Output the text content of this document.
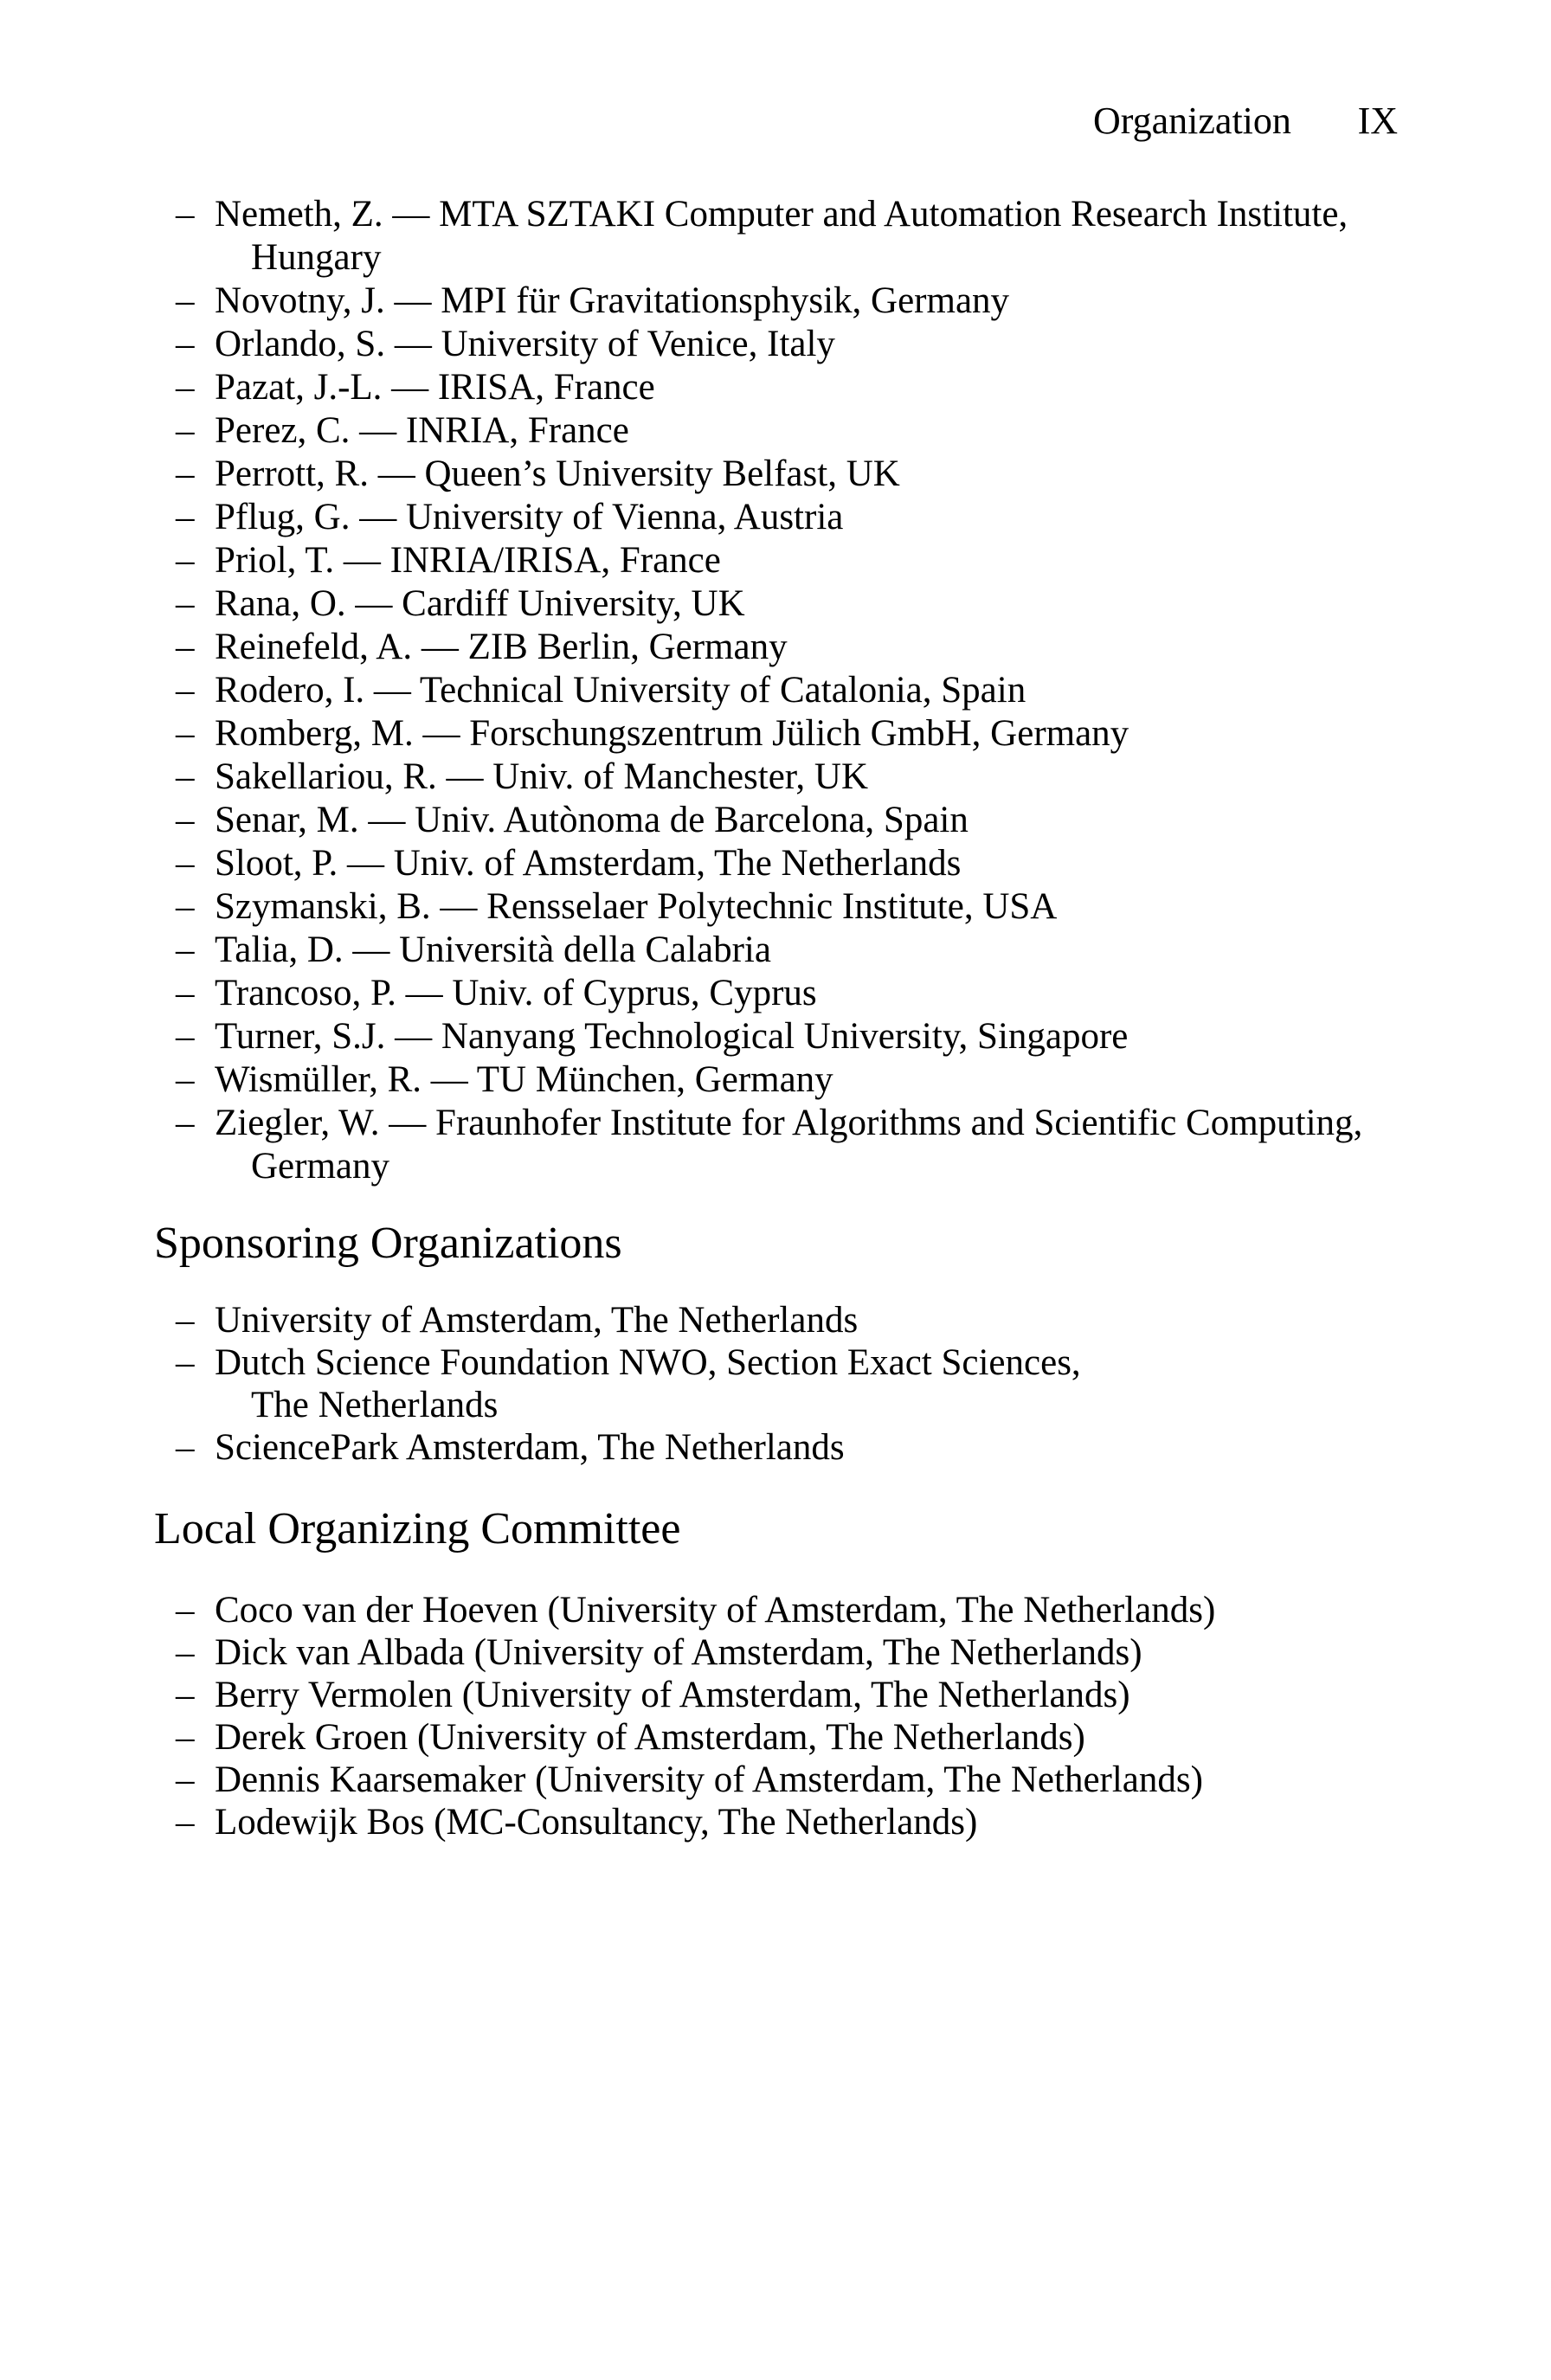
Organization IX
– Nemeth, Z. — MTA SZTAKI Computer and Automation Research Institute,
Hungary
– Novotny, J. — MPI für Gravitationsphysik, Germany
– Orlando, S. — University of Venice, Italy
– Pazat, J.-L. — IRISA, France
– Perez, C. — INRIA, France
– Perrott, R. — Queen’s University Belfast, UK
– Pflug, G. — University of Vienna, Austria
– Priol, T. — INRIA/IRISA, France
– Rana, O. — Cardiff University, UK
– Reinefeld, A. — ZIB Berlin, Germany
– Rodero, I. — Technical University of Catalonia, Spain
– Romberg, M. — Forschungszentrum Jülich GmbH, Germany
– Sakellariou, R. — Univ. of Manchester, UK
– Senar, M. — Univ. Autònoma de Barcelona, Spain
– Sloot, P. — Univ. of Amsterdam, The Netherlands
– Szymanski, B. — Rensselaer Polytechnic Institute, USA
– Talia, D. — Università della Calabria
– Trancoso, P. — Univ. of Cyprus, Cyprus
– Turner, S.J. — Nanyang Technological University, Singapore
– Wismüller, R. — TU München, Germany
– Ziegler, W. — Fraunhofer Institute for Algorithms and Scientific Computing,
Germany
Sponsoring Organizations
– University of Amsterdam, The Netherlands
– Dutch Science Foundation NWO, Section Exact Sciences,
The Netherlands
– SciencePark Amsterdam, The Netherlands
Local Organizing Committee
– Coco van der Hoeven (University of Amsterdam, The Netherlands)
– Dick van Albada (University of Amsterdam, The Netherlands)
– Berry Vermolen (University of Amsterdam, The Netherlands)
– Derek Groen (University of Amsterdam, The Netherlands)
– Dennis Kaarsemaker (University of Amsterdam, The Netherlands)
– Lodewijk Bos (MC-Consultancy, The Netherlands)
